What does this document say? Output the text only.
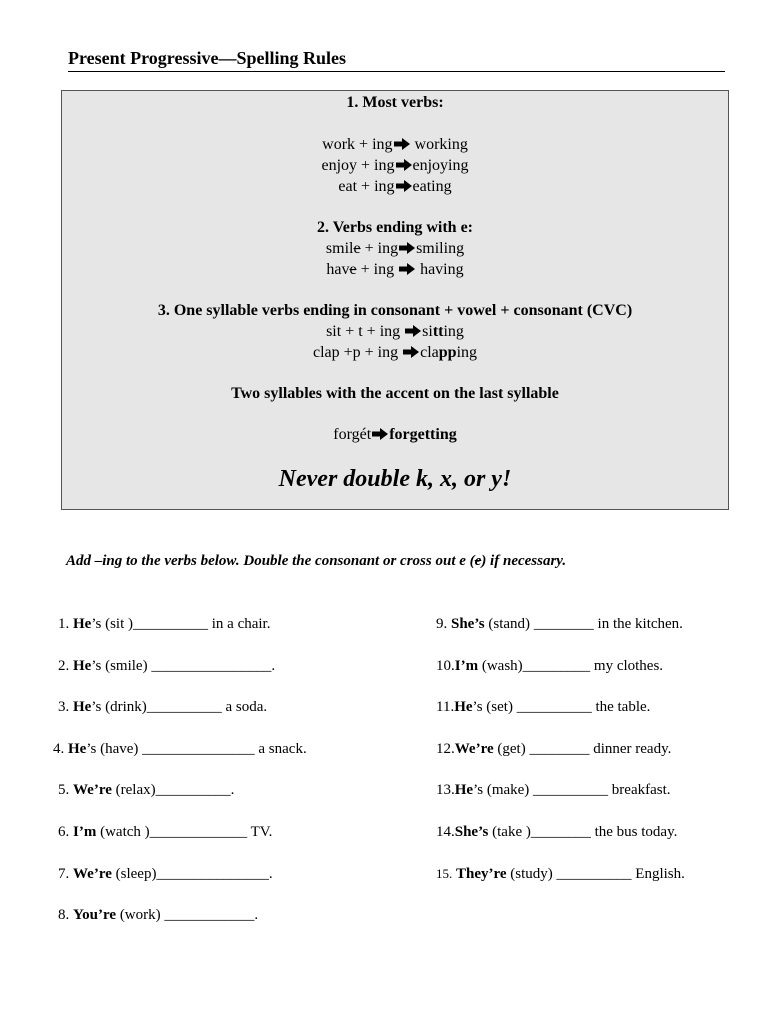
Present Progressive—Spelling Rules
1. Most verbs:
work + ing working
enjoy + ing enjoying
eat + ing eating
2. Verbs ending with e:
smile + ing smiling
have + ing  having
3. One syllable verbs ending in consonant + vowel + consonant (CVC)
sit + t + ing sitting
clap +p + ing clapping
Two syllables with the accent on the last syllable
forgét forgetting
Never double k, x, or y!
Add –ing to the verbs below. Double the consonant or cross out e (e) if necessary.
1. He’s (sit )__________ in a chair.
2. He’s (smile) ________________.
3. He’s (drink)__________ a soda.
4. He’s (have) _______________ a snack.
5. We’re (relax)__________.
6. I’m (watch )_____________ TV.
7. We’re (sleep)_______________.
8. You’re (work) ____________.
9. She’s (stand) ________ in the kitchen.
10.I’m (wash)_________ my clothes.
11.He’s (set) __________ the table.
12.We’re (get) ________ dinner ready.
13.He’s (make) __________ breakfast.
14.She’s (take )________ the bus today.
15. They’re (study) __________ English.
